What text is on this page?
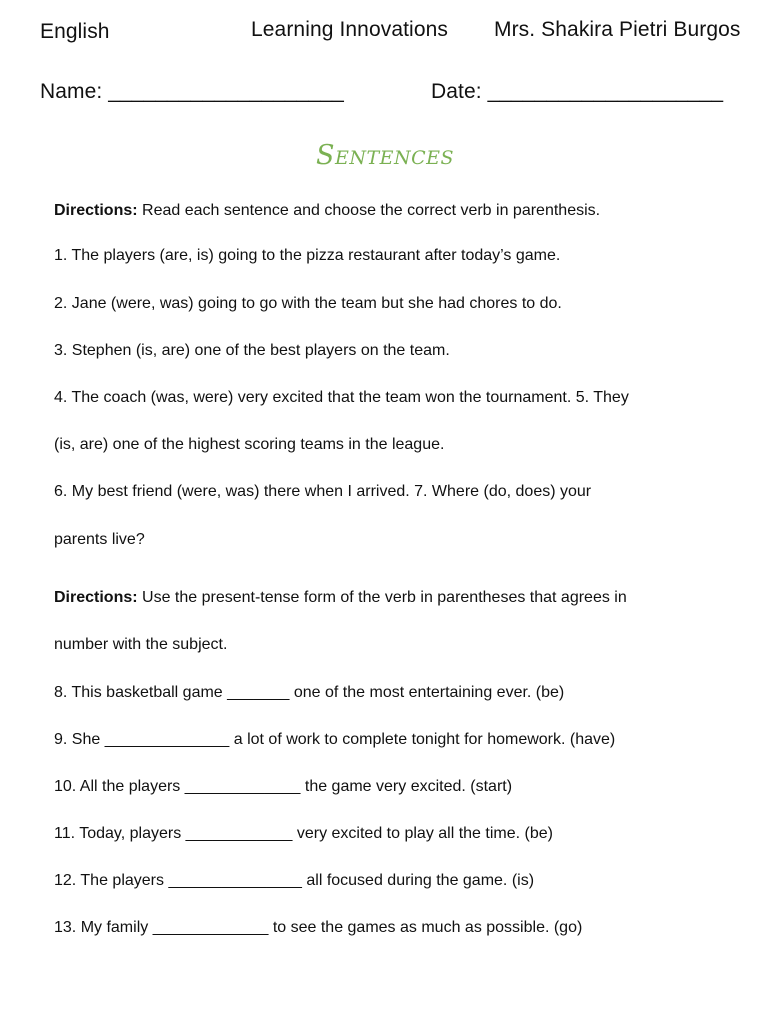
English	Learning Innovations Mrs. Shakira Pietri Burgos
Name: ____________________	Date: ____________________
Sentences
Directions: Read each sentence and choose the correct verb in parenthesis.
1. The players (are, is) going to the pizza restaurant after today’s game.
2. Jane (were, was) going to go with the team but she had chores to do.
3. Stephen (is, are) one of the best players on the team.
4. The coach (was, were) very excited that the team won the tournament. 5. They
(is, are) one of the highest scoring teams in the league.
6. My best friend (were, was) there when I arrived. 7. Where (do, does) your
parents live?
Directions: Use the present-tense form of the verb in parentheses that agrees in
number with the subject.
8. This basketball game _______ one of the most entertaining ever. (be)
9. She ______________ a lot of work to complete tonight for homework. (have)
10. All the players _____________ the game very excited. (start)
11. Today, players ____________ very excited to play all the time. (be)
12. The players _______________ all focused during the game. (is)
13. My family _____________ to see the games as much as possible. (go)
